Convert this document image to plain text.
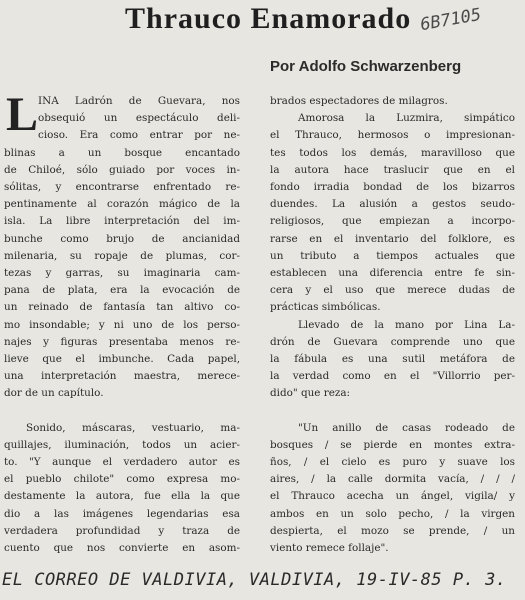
Thrauco Enamorado 6B7105
Por Adolfo Schwarzenberg
L INA Ladrón de Guevara, nos
obsequió un espectáculo deli-
cioso. Era como entrar por ne-
blinas a un bosque encantado
de Chiloé, sólo guiado por voces in-
sólitas, y encontrarse enfrentado re-
pentinamente al corazón mágico de la
isla. La libre interpretación del im-
bunche como brujo de ancianidad
milenaria, su ropaje de plumas, cor-
tezas y garras, su imaginaria cam-
pana de plata, era la evocación de
un reinado de fantasía tan altivo co-
mo insondable; y ni uno de los perso-
najes y figuras presentaba menos re-
lieve que el imbunche. Cada papel,
una interpretación maestra, merece-
dor de un capítulo.
Sonido, máscaras, vestuario, ma-
quillajes, iluminación, todos un acier-
to. "Y aunque el verdadero autor es
el pueblo chilote" como expresa mo-
destamente la autora, fue ella la que
dio a las imágenes legendarias esa
verdadera profundidad y traza de
cuento que nos convierte en asom-
brados espectadores de milagros.
Amorosa la Luzmira, simpático
el Thrauco, hermosos o impresionan-
tes todos los demás, maravilloso que
la autora hace traslucir que en el
fondo irradia bondad de los bizarros
duendes. La alusión a gestos seudo-
religiosos, que empiezan a incorpo-
rarse en el inventario del folklore, es
un tributo a tiempos actuales que
establecen una diferencia entre fe sin-
cera y el uso que merece dudas de
prácticas simbólicas.
Llevado de la mano por Lina La-
drón de Guevara comprende uno que
la fábula es una sutil metáfora de
la verdad como en el "Villorrio per-
dido" que reza:
"Un anillo de casas rodeado de
bosques / se pierde en montes extra-
ños, / el cielo es puro y suave los
aires, / la calle dormita vacía, / / /
el Thrauco acecha un ángel, vigila/ y
ambos en un solo pecho, / la virgen
despierta, el mozo se prende, / un
viento remece follaje".
EL CORREO DE VALDIVIA, VALDIVIA, 19-IV-85 P. 3.
